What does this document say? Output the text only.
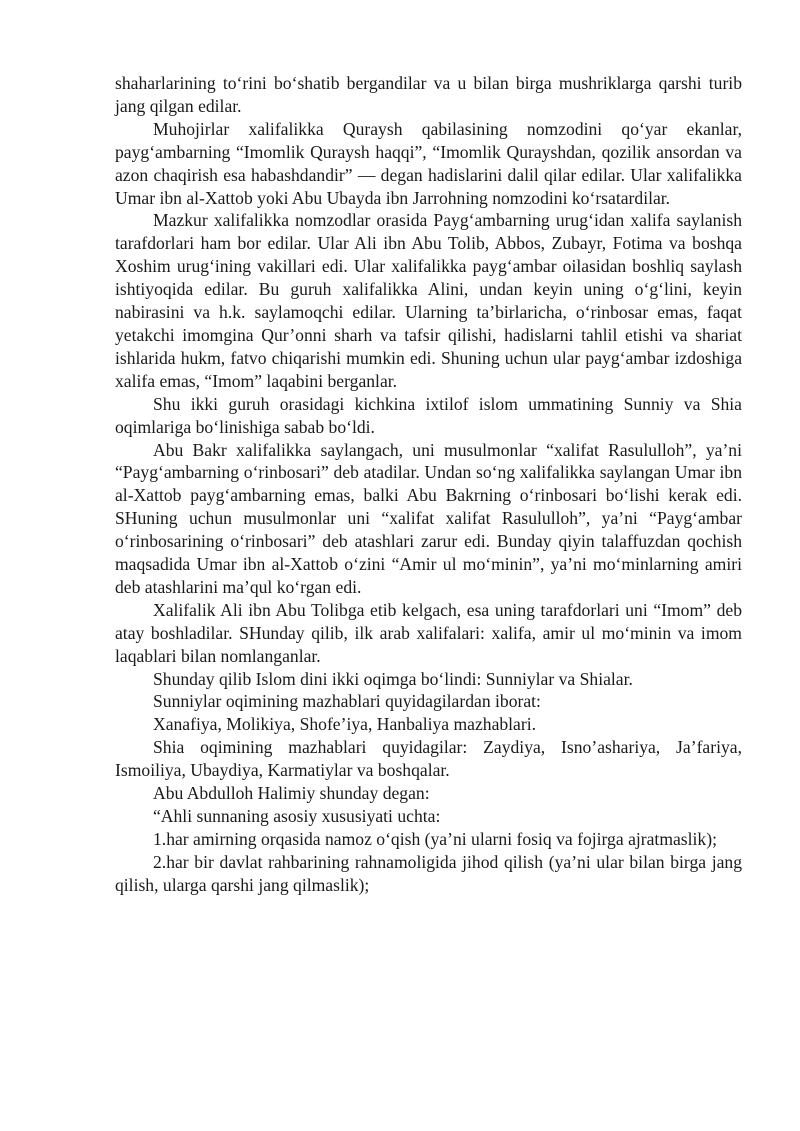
shaharlarining to‘rini bo‘shatib bergandilar va u bilan birga mushriklarga qarshi turib jang qilgan edilar.

Muhojirlar xalifalikka Quraysh qabilasining nomzodini qo‘yar ekanlar, payg‘ambarning “Imomlik Quraysh haqqi”, “Imomlik Qurayshdan, qozilik ansordan va azon chaqirish esa habashdandir” — degan hadislarini dalil qilar edilar. Ular xalifalikka Umar ibn al-Xattob yoki Abu Ubayda ibn Jarrohning nomzodini ko‘rsatardilar.

Mazkur xalifalikka nomzodlar orasida Payg‘ambarning urug‘idan xalifa saylanish tarafdorlari ham bor edilar. Ular Ali ibn Abu Tolib, Abbos, Zubayr, Fotima va boshqa Xoshim urug‘ining vakillari edi. Ular xalifalikka payg‘ambar oilasidan boshliq saylash ishtiyoqida edilar. Bu guruh xalifalikka Alini, undan keyin uning o‘g‘lini, keyin nabirasini va h.k. saylamoqchi edilar. Ularning ta’birlaricha, o‘rinbosar emas, faqat yetakchi imomgina Qur’onni sharh va tafsir qilishi, hadislarni tahlil etishi va shariat ishlarida hukm, fatvo chiqarishi mumkin edi. Shuning uchun ular payg‘ambar izdoshiga xalifa emas, “Imom” laqabini berganlar.

Shu ikki guruh orasidagi kichkina ixtilof islom ummatining Sunniy va Shia oqimlariga bo‘linishiga sabab bo‘ldi.

Abu Bakr xalifalikka saylangach, uni musulmonlar “xalifat Rasululloh”, ya’ni “Payg‘ambarning o‘rinbosari” deb atadilar. Undan so‘ng xalifalikka saylangan Umar ibn al-Xattob payg‘ambarning emas, balki Abu Bakrning o‘rinbosari bo‘lishi kerak edi. SHuning uchun musulmonlar uni “xalifat xalifat Rasululloh”, ya’ni “Payg‘ambar o‘rinbosarining o‘rinbosari” deb atashlari zarur edi. Bunday qiyin talaffuzdan qochish maqsadida Umar ibn al-Xattob o‘zini “Amir ul mo‘minin”, ya’ni mo‘minlarning amiri deb atashlarini ma’qul ko‘rgan edi.

Xalifalik Ali ibn Abu Tolibga etib kelgach, esa uning tarafdorlari uni “Imom” deb atay boshladilar. SHunday qilib, ilk arab xalifalari: xalifa, amir ul mo‘minin va imom laqablari bilan nomlanganlar.

Shunday qilib Islom dini ikki oqimga bo‘lindi: Sunniylar va Shialar.

Sunniylar oqimining mazhablari quyidagilardan iborat:

Xanafiya, Molikiya, Shofe’iya, Hanbaliya mazhablari.

Shia oqimining mazhablari quyidagilar: Zaydiya, Isno’ashariya, Ja’fariya, Ismoiliya, Ubaydiya, Karmatiylar va boshqalar.

Abu Abdulloh Halimiy shunday degan:

“Ahli sunnaning asosiy xususiyati uchta:

1.har amirning orqasida namoz o‘qish (ya’ni ularni fosiq va fojirga ajratmaslik);

2.har bir davlat rahbarining rahnamoligida jihod qilish (ya’ni ular bilan birga jang qilish, ularga qarshi jang qilmaslik);
